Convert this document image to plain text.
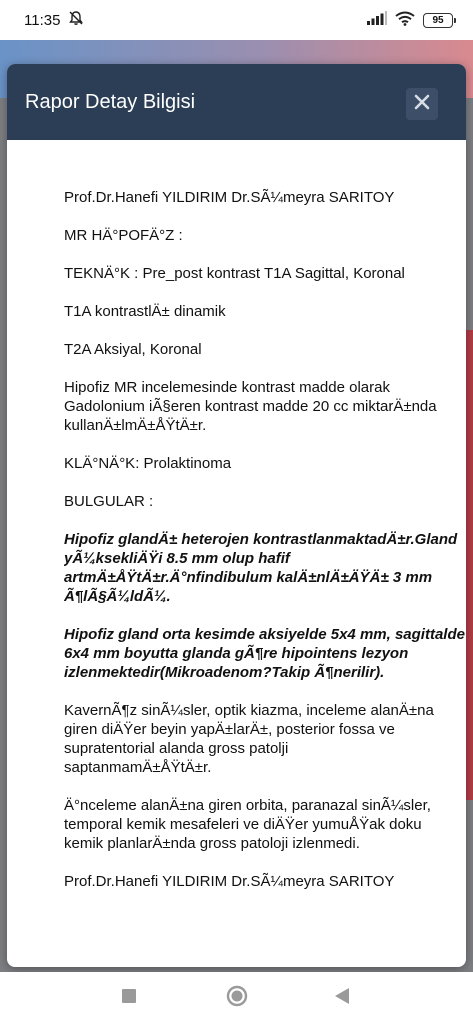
11:35	95
Rapor Detay Bilgisi
Prof.Dr.Hanefi YILDIRIM Dr.SÃ¼meyra SARITOY
MR HÄ°POFÄ°Z :
TEKNÄ°K : Pre_post kontrast T1A Sagittal, Koronal
T1A kontrastlÄ± dinamik
T2A Aksiyal, Koronal
Hipofiz MR incelemesinde kontrast madde olarak
Gadolonium iÃ§eren kontrast madde 20 cc miktarÄ±nda
kullanÄ±lmÄ±ÅŸtÄ±r.
KLÄ°NÄ°K: Prolaktinoma
BULGULAR :
Hipofiz glandÄ± heterojen kontrastlanmaktadÄ±r.Gland
yÃ¼ksekliÄŸi 8.5 mm olup hafif
artmÄ±ÅŸtÄ±r.Ä°nfindibulum kalÄ±nlÄ±ÄŸÄ± 3 mm
Ã¶lÃ§Ã¼ldÃ¼.
Hipofiz gland orta kesimde aksiyelde 5x4 mm, sagittalde
6x4 mm boyutta glanda gÃ¶re hipointens lezyon
izlenmektedir(Mikroadenom?Takip Ã¶nerilir).
KavernÃ¶z sinÃ¼sler, optik kiazma, inceleme alanÄ±na
giren diÄŸer beyin yapÄ±larÄ±, posterior fossa ve
supratentorial alanda gross patolji
saptanmamÄ±ÅŸtÄ±r.
Ä°nceleme alanÄ±na giren orbita, paranazal sinÃ¼sler,
temporal kemik mesafeleri ve diÄŸer yumuÅŸak doku
kemik planlarÄ±nda gross patoloji izlenmedi.
Prof.Dr.Hanefi YILDIRIM Dr.SÃ¼meyra SARITOY
